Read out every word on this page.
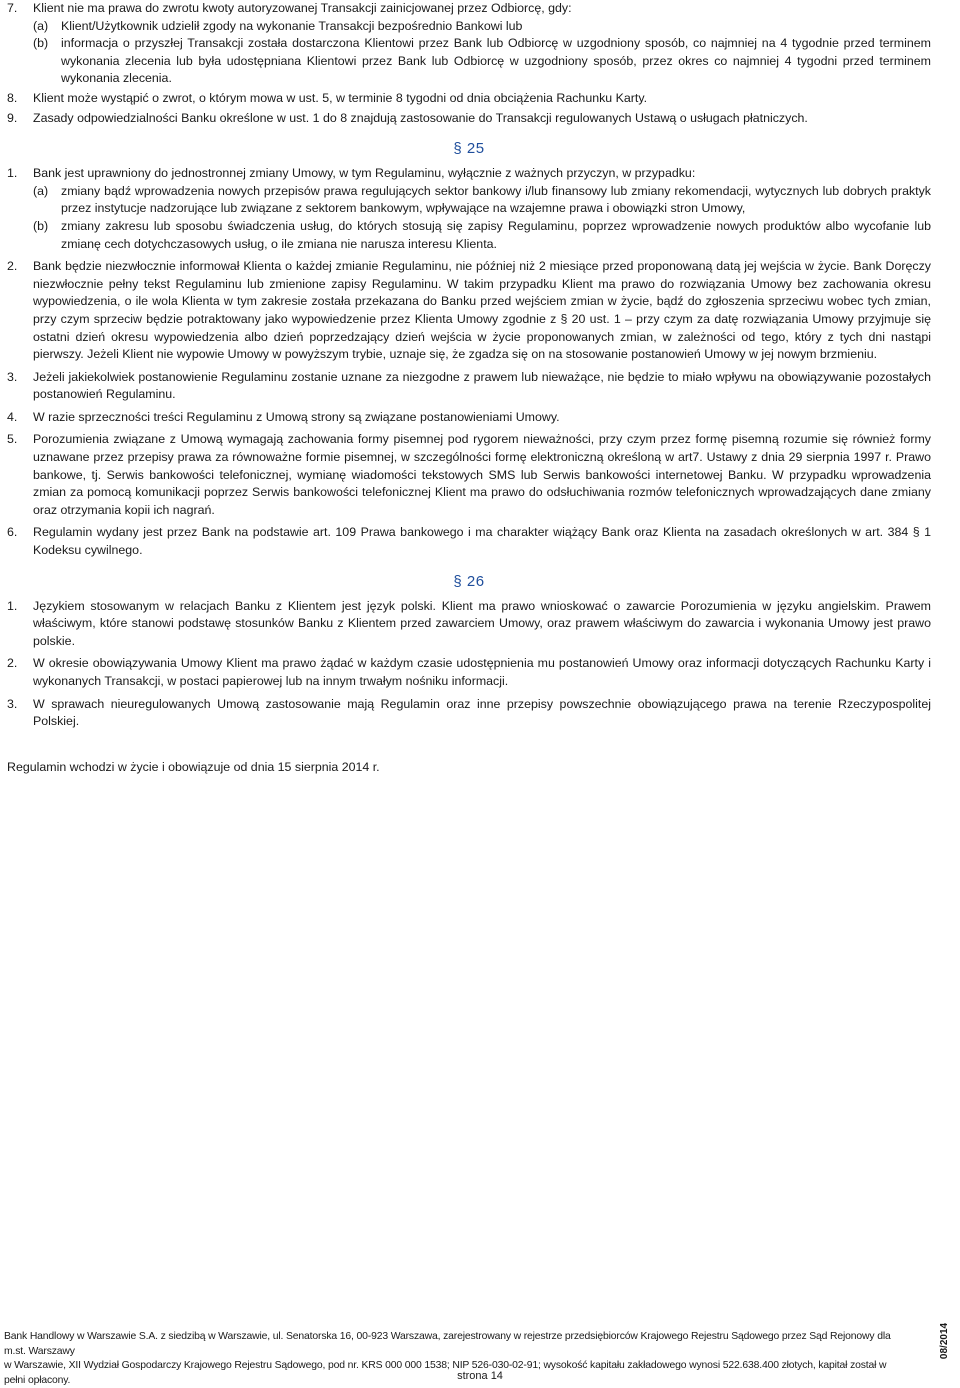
7. Klient nie ma prawa do zwrotu kwoty autoryzowanej Transakcji zainicjowanej przez Odbiorcę, gdy:
(a) Klient/Użytkownik udzielił zgody na wykonanie Transakcji bezpośrednio Bankowi lub
(b) informacja o przyszłej Transakcji została dostarczona Klientowi przez Bank lub Odbiorcę w uzgodniony sposób, co najmniej na 4 tygodnie przed terminem wykonania zlecenia lub była udostępniana Klientowi przez Bank lub Odbiorcę w uzgodniony sposób, przez okres co najmniej 4 tygodni przed terminem wykonania zlecenia.
8. Klient może wystąpić o zwrot, o którym mowa w ust. 5, w terminie 8 tygodni od dnia obciążenia Rachunku Karty.
9. Zasady odpowiedzialności Banku określone w ust. 1 do 8 znajdują zastosowanie do Transakcji regulowanych Ustawą o usługach płatniczych.
§ 25
1. Bank jest uprawniony do jednostronnej zmiany Umowy, w tym Regulaminu, wyłącznie z ważnych przyczyn, w przypadku:
(a) zmiany bądź wprowadzenia nowych przepisów prawa regulujących sektor bankowy i/lub finansowy lub zmiany rekomendacji, wytycznych lub dobrych praktyk przez instytucje nadzorujące lub związane z sektorem bankowym, wpływające na wzajemne prawa i obowiązki stron Umowy,
(b) zmiany zakresu lub sposobu świadczenia usług, do których stosują się zapisy Regulaminu, poprzez wprowadzenie nowych produktów albo wycofanie lub zmianę cech dotychczasowych usług, o ile zmiana nie narusza interesu Klienta.
2. Bank będzie niezwłocznie informował Klienta o każdej zmianie Regulaminu, nie później niż 2 miesiące przed proponowaną datą jej wejścia w życie. Bank Doręczy niezwłocznie pełny tekst Regulaminu lub zmienione zapisy Regulaminu. W takim przypadku Klient ma prawo do rozwiązania Umowy bez zachowania okresu wypowiedzenia, o ile wola Klienta w tym zakresie została przekazana do Banku przed wejściem zmian w życie, bądź do zgłoszenia sprzeciwu wobec tych zmian, przy czym sprzeciw będzie potraktowany jako wypowiedzenie przez Klienta Umowy zgodnie z § 20 ust. 1 – przy czym za datę rozwiązania Umowy przyjmuje się ostatni dzień okresu wypowiedzenia albo dzień poprzedzający dzień wejścia w życie proponowanych zmian, w zależności od tego, który z tych dni nastąpi pierwszy. Jeżeli Klient nie wypowie Umowy w powyższym trybie, uznaje się, że zgadza się on na stosowanie postanowień Umowy w jej nowym brzmieniu.
3. Jeżeli jakiekolwiek postanowienie Regulaminu zostanie uznane za niezgodne z prawem lub nieważące, nie będzie to miało wpływu na obowiązywanie pozostałych postanowień Regulaminu.
4. W razie sprzeczności treści Regulaminu z Umową strony są związane postanowieniami Umowy.
5. Porozumienia związane z Umową wymagają zachowania formy pisemnej pod rygorem nieważności, przy czym przez formę pisemną rozumie się również formy uznawane przez przepisy prawa za równoważne formie pisemnej, w szczególności formę elektroniczną określoną w art7. Ustawy z dnia 29 sierpnia 1997 r. Prawo bankowe, tj. Serwis bankowości telefonicznej, wymianę wiadomości tekstowych SMS lub Serwis bankowości internetowej Banku. W przypadku wprowadzenia zmian za pomocą komunikacji poprzez Serwis bankowości telefonicznej Klient ma prawo do odsłuchiwania rozmów telefonicznych wprowadzających dane zmiany oraz otrzymania kopii ich nagrań.
6. Regulamin wydany jest przez Bank na podstawie art. 109 Prawa bankowego i ma charakter wiążący Bank oraz Klienta na zasadach określonych w art. 384 § 1 Kodeksu cywilnego.
§ 26
1. Językiem stosowanym w relacjach Banku z Klientem jest język polski. Klient ma prawo wnioskować o zawarcie Porozumienia w języku angielskim. Prawem właściwym, które stanowi podstawę stosunków Banku z Klientem przed zawarciem Umowy, oraz prawem właściwym do zawarcia i wykonania Umowy jest prawo polskie.
2. W okresie obowiązywania Umowy Klient ma prawo żądać w każdym czasie udostępnienia mu postanowień Umowy oraz informacji dotyczących Rachunku Karty i wykonanych Transakcji, w postaci papierowej lub na innym trwałym nośniku informacji.
3. W sprawach nieuregulowanych Umową zastosowanie mają Regulamin oraz inne przepisy powszechnie obowiązującego prawa na terenie Rzeczypospolitej Polskiej.
Regulamin wchodzi w życie i obowiązuje od dnia 15 sierpnia 2014 r.
Bank Handlowy w Warszawie S.A. z siedzibą w Warszawie, ul. Senatorska 16, 00-923 Warszawa, zarejestrowany w rejestrze przedsiębiorców Krajowego Rejestru Sądowego przez Sąd Rejonowy dla m.st. Warszawy
w Warszawie, XII Wydział Gospodarczy Krajowego Rejestru Sądowego, pod nr. KRS 000 000 1538; NIP 526-030-02-91; wysokość kapitału zakładowego wynosi 522.638.400 złotych, kapitał został w pełni opłacony.	strona 14
08/2014
